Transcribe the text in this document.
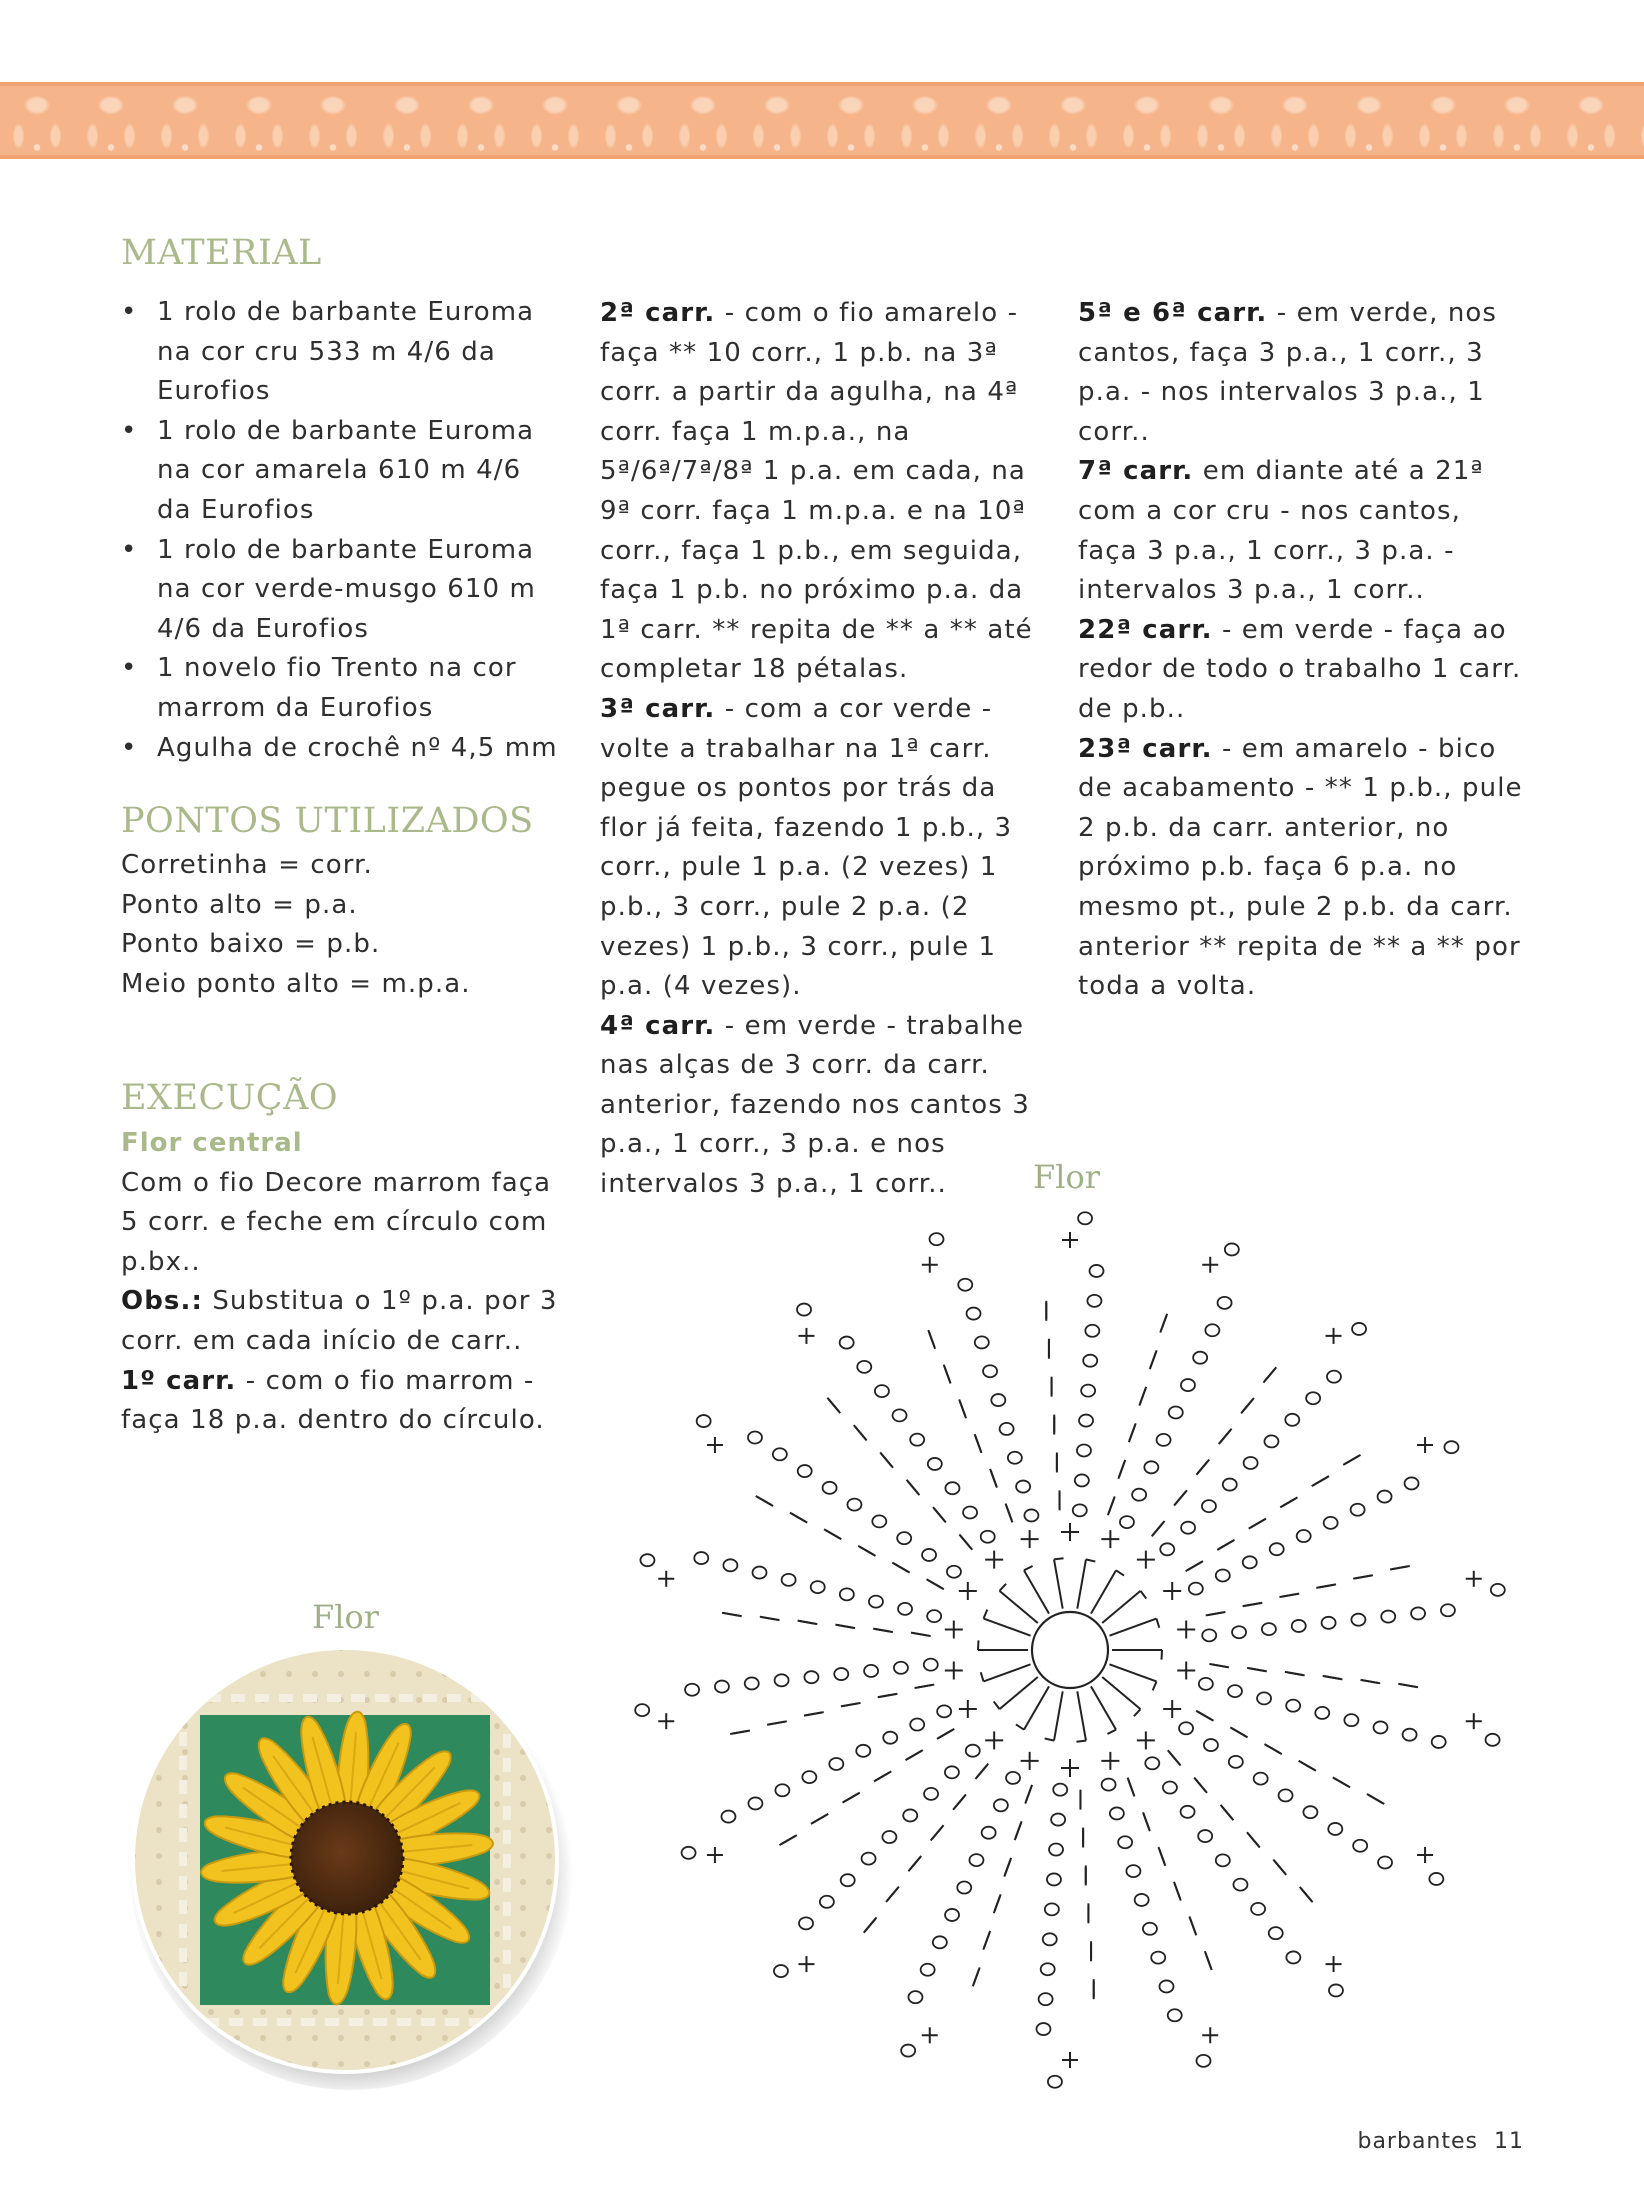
MATERIAL
• 1 rolo de barbante Euroma na cor cru 533 m 4/6 da Eurofios
• 1 rolo de barbante Euroma na cor amarela 610 m 4/6 da Eurofios
• 1 rolo de barbante Euroma na cor verde-musgo 610 m 4/6 da Eurofios
• 1 novelo fio Trento na cor marrom da Eurofios
• Agulha de crochê nº 4,5 mm
PONTOS UTILIZADOS
Corretinha = corr.
Ponto alto = p.a.
Ponto baixo = p.b.
Meio ponto alto = m.p.a.
EXECUÇÃO
Flor central
Com o fio Decore marrom faça 5 corr. e feche em círculo com p.bx..
Obs.: Substitua o 1º p.a. por 3 corr. em cada início de carr..
1º carr. - com o fio marrom - faça 18 p.a. dentro do círculo.
2ª carr. - com o fio amarelo - faça ** 10 corr., 1 p.b. na 3ª corr. a partir da agulha, na 4ª corr. faça 1 m.p.a., na 5ª/6ª/7ª/8ª 1 p.a. em cada, na 9ª corr. faça 1 m.p.a. e na 10ª corr., faça 1 p.b., em seguida, faça 1 p.b. no próximo p.a. da 1ª carr. ** repita de ** a ** até completar 18 pétalas.
3ª carr. - com a cor verde - volte a trabalhar na 1ª carr. pegue os pontos por trás da flor já feita, fazendo 1 p.b., 3 corr., pule 1 p.a. (2 vezes) 1 p.b., 3 corr., pule 2 p.a. (2 vezes) 1 p.b., 3 corr., pule 1 p.a. (4 vezes).
4ª carr. - em verde - trabalhe nas alças de 3 corr. da carr. anterior, fazendo nos cantos 3 p.a., 1 corr., 3 p.a. e nos intervalos 3 p.a., 1 corr..
5ª e 6ª carr. - em verde, nos cantos, faça 3 p.a., 1 corr., 3 p.a. - nos intervalos 3 p.a., 1 corr..
7ª carr. em diante até a 21ª com a cor cru - nos cantos, faça 3 p.a., 1 corr., 3 p.a. - intervalos 3 p.a., 1 corr..
22ª carr. - em verde - faça ao redor de todo o trabalho 1 carr. de p.b..
23ª carr. - em amarelo - bico de acabamento - ** 1 p.b., pule 2 p.b. da carr. anterior, no próximo p.b. faça 6 p.a. no mesmo pt., pule 2 p.b. da carr. anterior ** repita de ** a ** por toda a volta.
Flor
Flor
barbantes 11
